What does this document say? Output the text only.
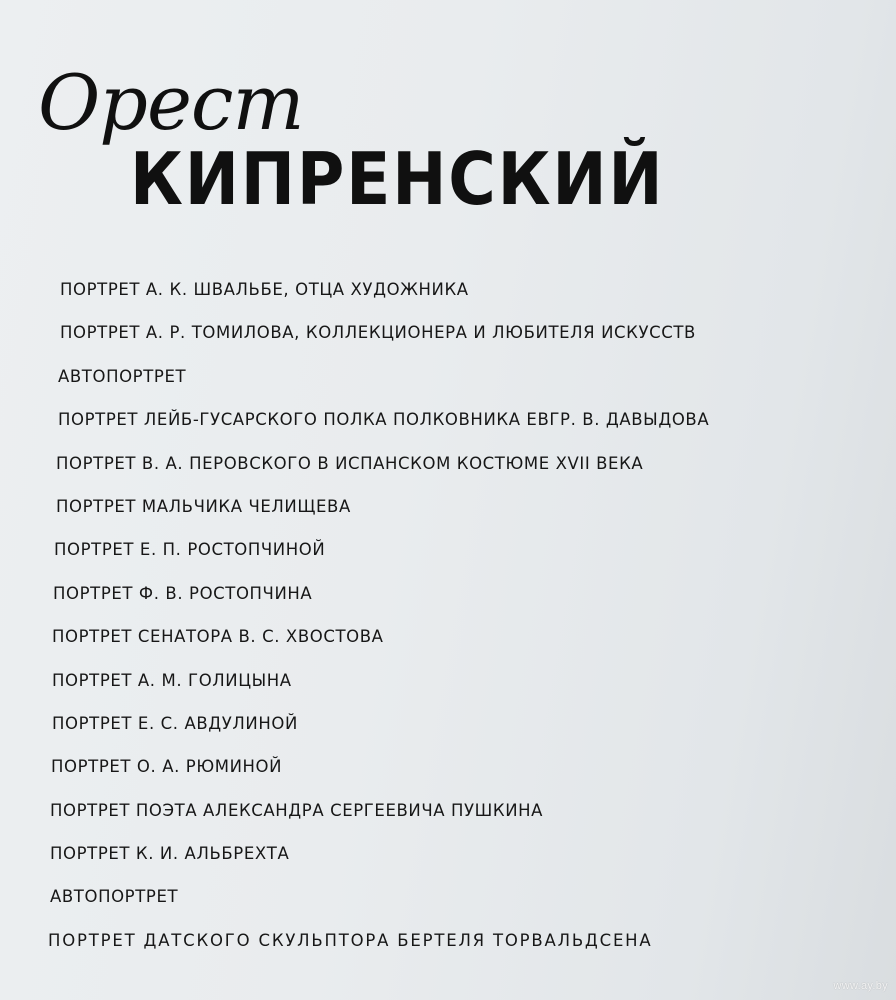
Орест
КИПРЕНСКИЙ
ПОРТРЕТ А. К. ШВАЛЬБЕ, ОТЦА ХУДОЖНИКА
ПОРТРЕТ А. Р. ТОМИЛОВА, КОЛЛЕКЦИОНЕРА И ЛЮБИТЕЛЯ ИСКУССТВ
АВТОПОРТРЕТ
ПОРТРЕТ ЛЕЙБ-ГУСАРСКОГО ПОЛКА ПОЛКОВНИКА ЕВГР. В. ДАВЫДОВА
ПОРТРЕТ В. А. ПЕРОВСКОГО В ИСПАНСКОМ КОСТЮМЕ XVII ВЕКА
ПОРТРЕТ МАЛЬЧИКА ЧЕЛИЩЕВА
ПОРТРЕТ Е. П. РОСТОПЧИНОЙ
ПОРТРЕТ Ф. В. РОСТОПЧИНА
ПОРТРЕТ СЕНАТОРА В. С. ХВОСТОВА
ПОРТРЕТ А. М. ГОЛИЦЫНА
ПОРТРЕТ Е. С. АВДУЛИНОЙ
ПОРТРЕТ О. А. РЮМИНОЙ
ПОРТРЕТ ПОЭТА АЛЕКСАНДРА СЕРГЕЕВИЧА ПУШКИНА
ПОРТРЕТ К. И. АЛЬБРЕХТА
АВТОПОРТРЕТ
ПОРТРЕТ ДАТСКОГО СКУЛЬПТОРА БЕРТЕЛЯ ТОРВАЛЬДСЕНА
www.ay.by
